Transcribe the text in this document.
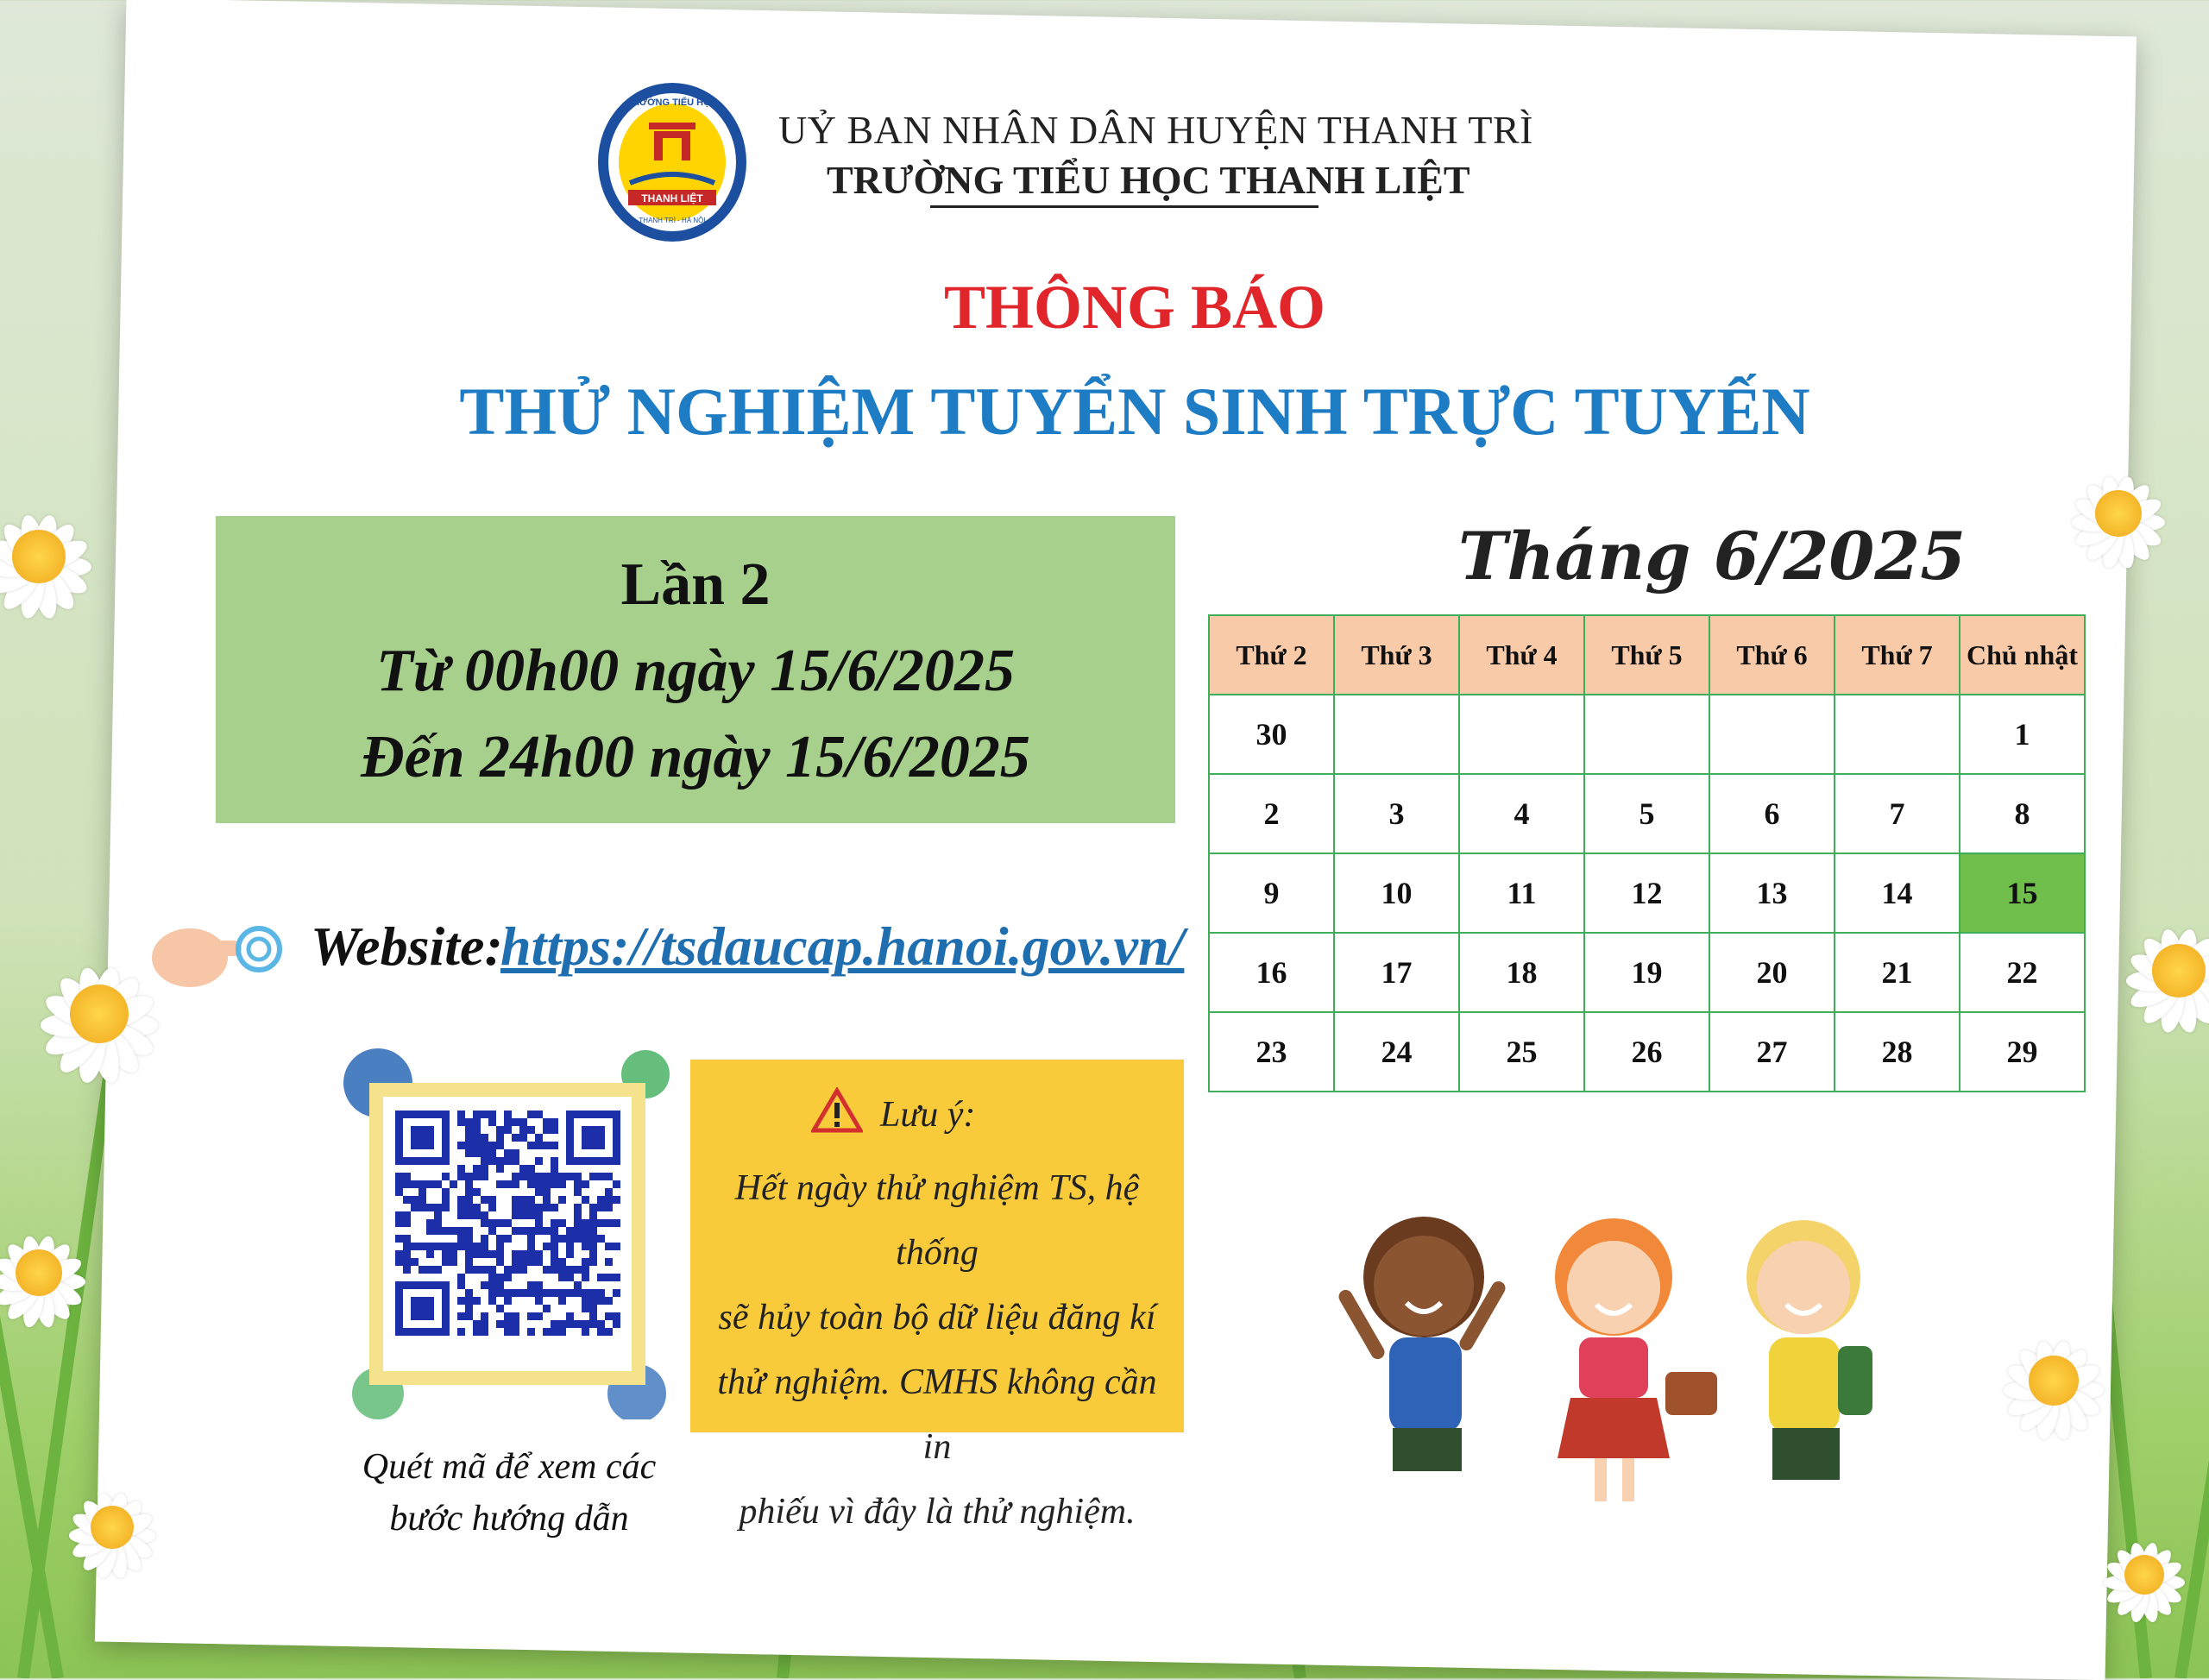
THANH LIỆT
TRƯỜNG TIỂU HỌC
THANH TRÌ - HÀ NỘI
UỶ BAN NHÂN DÂN HUYỆN THANH TRÌ
TRƯỜNG TIỂU HỌC THANH LIỆT
THÔNG BÁO
THỬ NGHIỆM TUYỂN SINH TRỰC TUYẾN
Lần 2
Từ 00h00 ngày 15/6/2025
Đến 24h00 ngày 15/6/2025
Website:
https://tsdaucap.hanoi.gov.vn/
Quét mã để xem các
bước hướng dẫn
Lưu ý:
Hết ngày thử nghiệm TS, hệ thống
sẽ hủy toàn bộ dữ liệu đăng kí
thử nghiệm. CMHS không cần in
phiếu vì đây là thử nghiệm.
Tháng 6/2025
Thứ 2	Thứ 3	Thứ 4	Thứ 5	Thứ 6	Thứ 7	Chủ nhật
30						1
2	3	4	5	6	7	8
9	10	11	12	13	14	15
16	17	18	19	20	21	22
23	24	25	26	27	28	29
